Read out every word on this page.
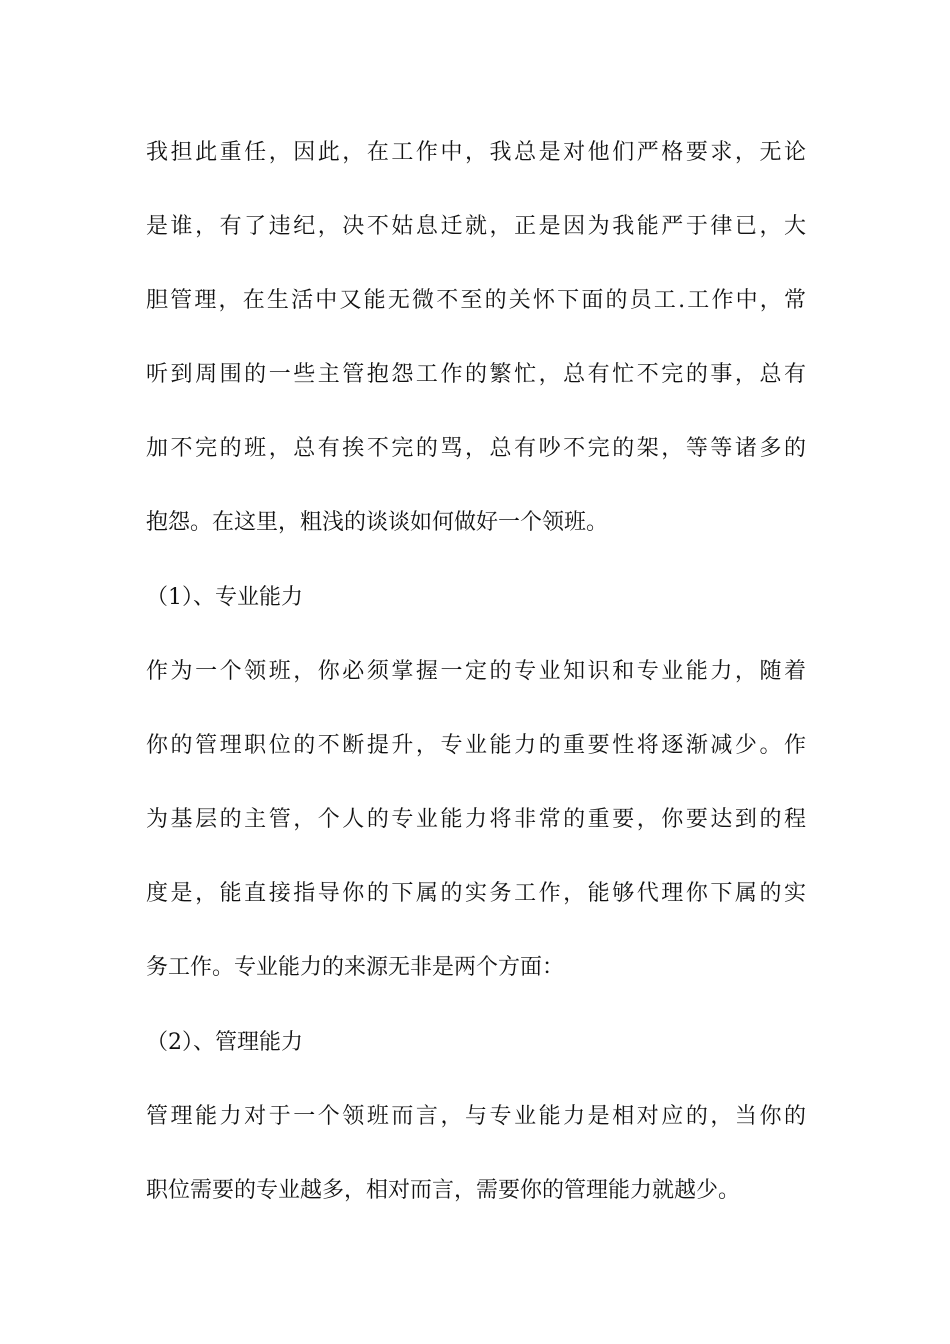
我担此重任，因此，在工作中，我总是对他们严格要求，无论
是谁，有了违纪，决不姑息迁就，正是因为我能严于律已，大
胆管理，在生活中又能无微不至的关怀下面的员工.工作中，常
听到周围的一些主管抱怨工作的繁忙，总有忙不完的事，总有
加不完的班，总有挨不完的骂，总有吵不完的架，等等诸多的
抱怨。在这里，粗浅的谈谈如何做好一个领班。
（1）、专业能力
作为一个领班，你必须掌握一定的专业知识和专业能力，随着
你的管理职位的不断提升，专业能力的重要性将逐渐减少。作
为基层的主管，个人的专业能力将非常的重要，你要达到的程
度是，能直接指导你的下属的实务工作，能够代理你下属的实
务工作。专业能力的来源无非是两个方面：
（2）、管理能力
管理能力对于一个领班而言，与专业能力是相对应的，当你的
职位需要的专业越多，相对而言，需要你的管理能力就越少。
